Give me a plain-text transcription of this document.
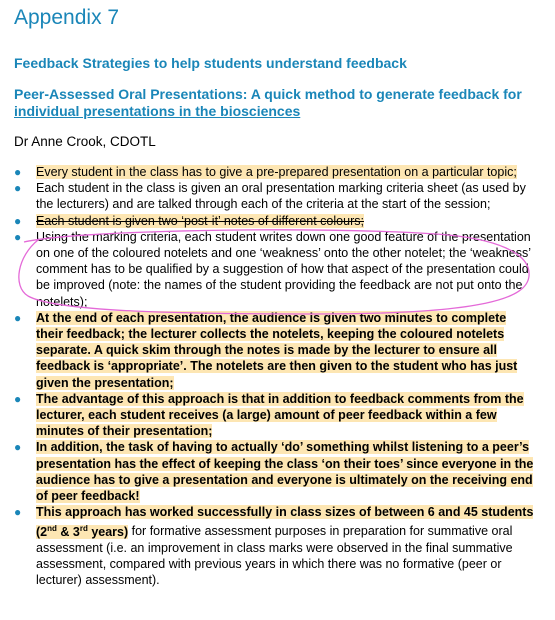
Appendix 7
Feedback Strategies to help students understand feedback
Peer-Assessed Oral Presentations: A quick method to generate feedback for individual presentations in the biosciences
Dr Anne Crook, CDOTL
● Every student in the class has to give a pre-prepared presentation on a particular topic;
● Each student in the class is given an oral presentation marking criteria sheet (as used by the lecturers) and are talked through each of the criteria at the start of the session;
● Each student is given two ‘post-it’ notes of different colours;
● Using the marking criteria, each student writes down one good feature of the presentation on one of the coloured notelets and one ‘weakness’ onto the other notelet; the ‘weakness’ comment has to be qualified by a suggestion of how that aspect of the presentation could be improved (note: the names of the student providing the feedback are not put onto the notelets);
● At the end of each presentation, the audience is given two minutes to complete their feedback; the lecturer collects the notelets, keeping the coloured notelets separate. A quick skim through the notes is made by the lecturer to ensure all feedback is ‘appropriate’. The notelets are then given to the student who has just given the presentation;
● The advantage of this approach is that in addition to feedback comments from the lecturer, each student receives (a large) amount of peer feedback within a few minutes of their presentation;
● In addition, the task of having to actually ‘do’ something whilst listening to a peer’s presentation has the effect of keeping the class ‘on their toes’ since everyone in the audience has to give a presentation and everyone is ultimately on the receiving end of peer feedback!
● This approach has worked successfully in class sizes of between 6 and 45 students (2nd & 3rd years) for formative assessment purposes in preparation for summative oral assessment (i.e. an improvement in class marks were observed in the final summative assessment, compared with previous years in which there was no formative (peer or lecturer) assessment).
